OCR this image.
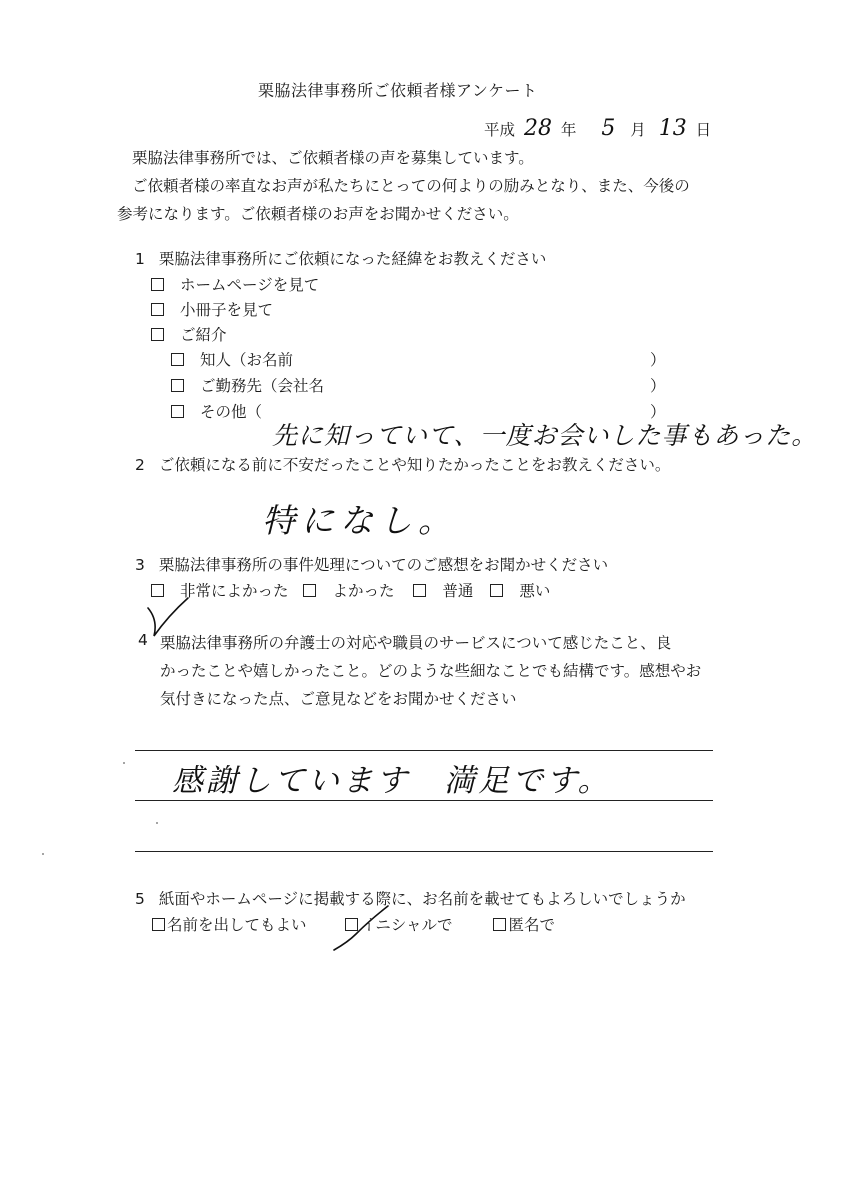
栗脇法律事務所ご依頼者様アンケート
平成 28 年 5 月 13 日
栗脇法律事務所では、ご依頼者様の声を募集しています。
ご依頼者様の率直なお声が私たちにとっての何よりの励みとなり、また、今後の
参考になります。ご依頼者様のお声をお聞かせください。
1 栗脇法律事務所にご依頼になった経緯をお教えください
ホームページを見て
小冊子を見て
ご紹介
知人（お名前	）
ご勤務先（会社名	）
その他（	）
先に知っていて、一度お会いした事もあった。
2 ご依頼になる前に不安だったことや知りたかったことをお教えください。
特になし。
3 栗脇法律事務所の事件処理についてのご感想をお聞かせください
非常によかった	よかった	普通	悪い
4 栗脇法律事務所の弁護士の対応や職員のサービスについて感じたこと、良
かったことや嬉しかったこと。どのような些細なことでも結構です。感想やお
気付きになった点、ご意見などをお聞かせください
感謝しています　満足です。
5 紙面やホームページに掲載する際に、お名前を載せてもよろしいでしょうか
名前を出してもよい	イニシャルで	匿名で
